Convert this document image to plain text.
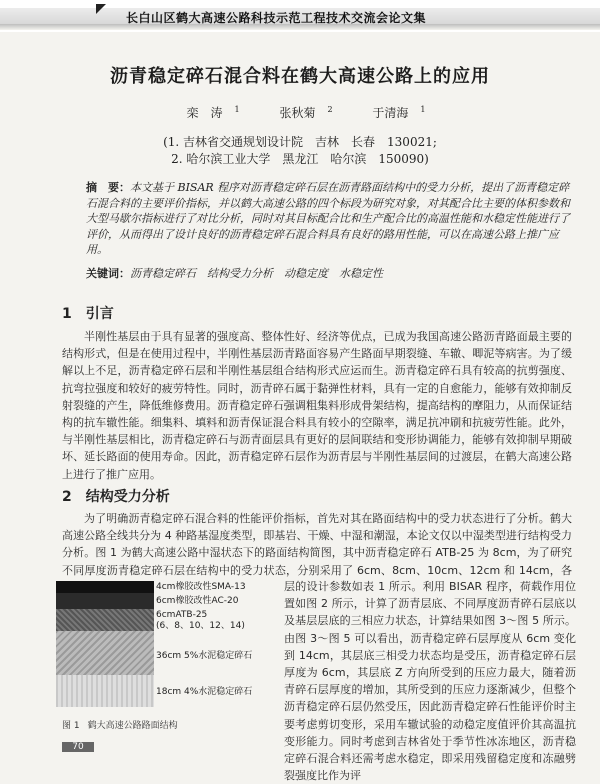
长白山区鹤大高速公路科技示范工程技术交流会论文集
沥青稳定碎石混合料在鹤大高速公路上的应用
栾　涛 $^1$	张秋菊 $^2$	于清海 $^1$
(1. 吉林省交通规划设计院　吉林　长春　130021;
2. 哈尔滨工业大学　黑龙江　哈尔滨　150090)
摘　要：本文基于 BISAR 程序对沥青稳定碎石层在沥青路面结构中的受力分析，提出了沥青稳定碎石混合料的主要评价指标，并以鹤大高速公路的四个标段为研究对象，对其配合比主要的体积参数和大型马歇尔指标进行了对比分析，同时对其目标配合比和生产配合比的高温性能和水稳定性能进行了评价，从而得出了设计良好的沥青稳定碎石混合料具有良好的路用性能，可以在高速公路上推广应用。
关键词：沥青稳定碎石　结构受力分析　动稳定度　水稳定性
1 引言

半刚性基层由于具有显著的强度高、整体性好、经济等优点，已成为我国高速公路沥青路面最主要的结构形式，但是在使用过程中，半刚性基层沥青路面容易产生路面早期裂缝、车辙、唧泥等病害。为了缓解以上不足，沥青稳定碎石层和半刚性基层组合结构形式应运而生。沥青稳定碎石具有较高的抗剪强度、抗弯拉强度和较好的疲劳特性。同时，沥青碎石属于黏弹性材料，具有一定的自愈能力，能够有效抑制反射裂缝的产生，降低维修费用。沥青稳定碎石强调粗集料形成骨架结构，提高结构的摩阻力，从而保证结构的抗车辙性能。细集料、填料和沥青保证混合料具有较小的空隙率，满足抗冲刷和抗疲劳性能。此外，与半刚性基层相比，沥青稳定碎石与沥青面层具有更好的层间联结和变形协调能力，能够有效抑制早期破坏、延长路面的使用寿命。因此，沥青稳定碎石层作为沥青层与半刚性基层间的过渡层，在鹤大高速公路上进行了推广应用。

2 结构受力分析

为了明确沥青稳定碎石混合料的性能评价指标，首先对其在路面结构中的受力状态进行了分析。鹤大高速公路全线共分为 4 种路基湿度类型，即基岩、干燥、中湿和潮湿，本论文仅以中湿类型进行结构受力分析。图 1 为鹤大高速公路中湿状态下的路面结构简图，其中沥青稳定碎石 ATB-25 为 8cm，为了研究不同厚度沥青稳定碎石层在结构中的受力状态，分别采用了 6cm、8cm、10cm、12cm 和 14cm，各

4cm橡胶改性SMA-13
6cm橡胶改性AC-20
6cmATB-25
(6、8、10、12、14)
36cm 5%水泥稳定碎石
18cm 4%水泥稳定碎石
图 1 鹤大高速公路路面结构
层的设计参数如表 1 所示。利用 BISAR 程序，荷载作用位置如图 2 所示，计算了沥青层底、不同厚度沥青碎石层底以及基层层底的三相应力状态，计算结果如图 3～图 5 所示。由图 3～图 5 可以看出，沥青稳定碎石层厚度从 6cm 变化到 14cm，其层底三相受力状态均是受压，沥青稳定碎石层厚度为 6cm，其层底 Z 方向所受到的压应力最大，随着沥青碎石层厚度的增加，其所受到的压应力逐渐减少，但整个沥青稳定碎石层仍然受压，因此沥青稳定碎石性能评价时主要考虑剪切变形，采用车辙试验的动稳定度值评价其高温抗变形能力。同时考虑到吉林省处于季节性冰冻地区，沥青稳定碎石混合料还需考虑水稳定，即采用残留稳定度和冻融劈裂强度比作为评
70
